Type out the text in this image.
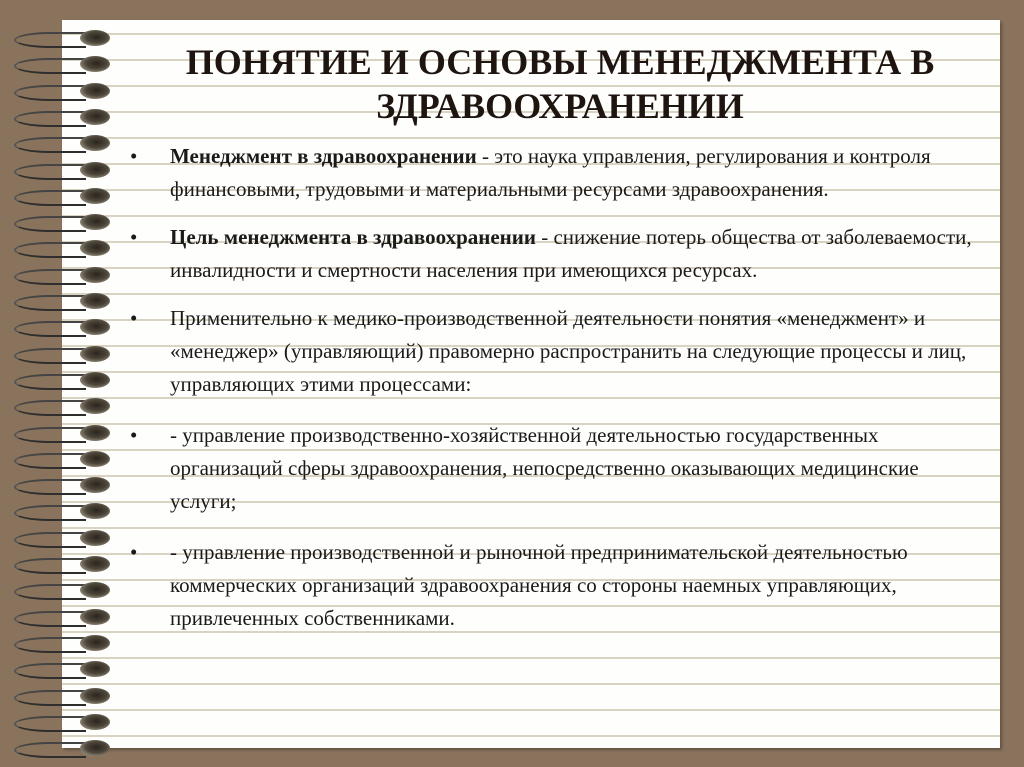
ПОНЯТИЕ И ОСНОВЫ МЕНЕДЖМЕНТА В ЗДРАВООХРАНЕНИИ
• Менеджмент в здравоохранении - это наука управления, регулирования и контроля финансовыми, трудовыми и материальными ресурсами здравоохранения.
• Цель менеджмента в здравоохранении - снижение потерь общества от заболеваемости, инвалидности и смертности населения при имеющихся ресурсах.
• Применительно к медико-производственной деятельности понятия «менеджмент» и «менеджер» (управляющий) правомерно распространить на следующие процессы и лиц, управляющих этими процессами:
• - управление производственно-хозяйственной деятельностью государственных организаций сферы здравоохранения, непосредственно оказывающих медицинские услуги;
• - управление производственной и рыночной предпринимательской деятельностью коммерческих организаций здравоохранения со стороны наемных управляющих, привлеченных собственниками.
